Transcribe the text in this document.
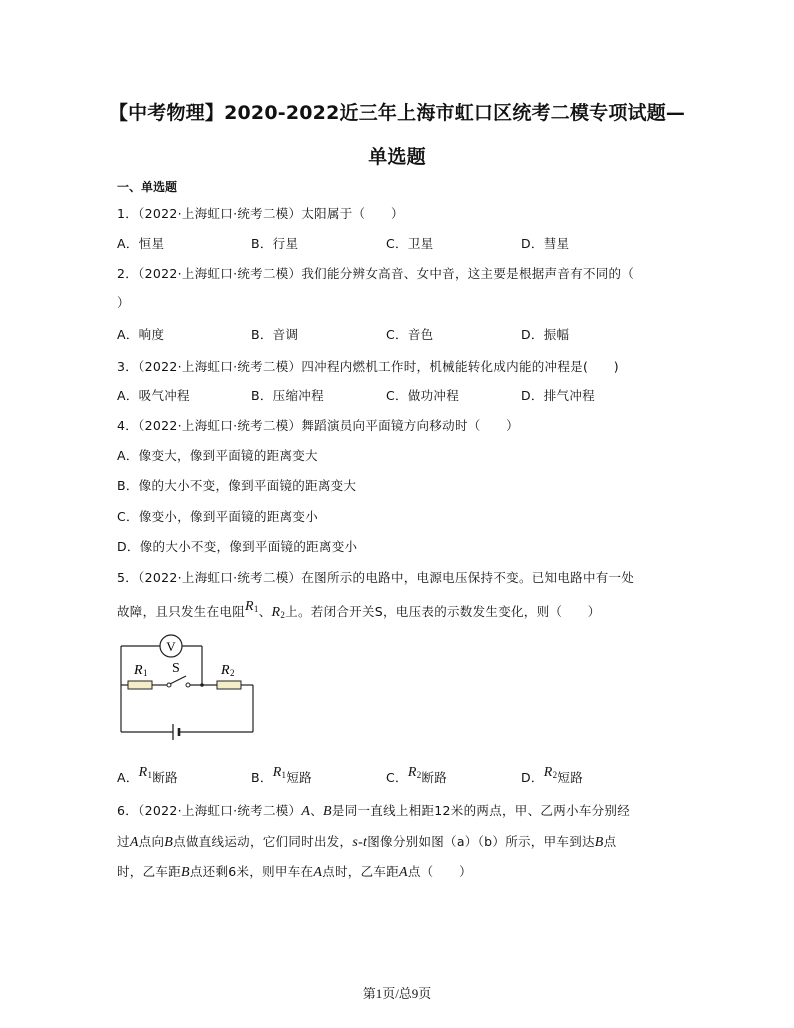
【中考物理】2020-2022近三年上海市虹口区统考二模专项试题—
单选题
一、单选题
1．（2022·上海虹口·统考二模）太阳属于（　　）
A．恒星	B．行星	C．卫星	D．彗星
2．（2022·上海虹口·统考二模）我们能分辨女高音、女中音，这主要是根据声音有不同的（
）
A．响度	B．音调	C．音色	D．振幅
3．（2022·上海虹口·统考二模）四冲程内燃机工作时，机械能转化成内能的冲程是(　　)
A．吸气冲程	B．压缩冲程	C．做功冲程	D．排气冲程
4．（2022·上海虹口·统考二模）舞蹈演员向平面镜方向移动时（　　）
A．像变大，像到平面镜的距离变大
B．像的大小不变，像到平面镜的距离变大
C．像变小，像到平面镜的距离变小
D．像的大小不变，像到平面镜的距离变小
5．（2022·上海虹口·统考二模）在图所示的电路中，电源电压保持不变。已知电路中有一处
故障，且只发生在电阻$R_1$、$R_2$上。若闭合开关S，电压表的示数发生变化，则（　　）
V
R 1 S	R 2
A．$R_1$断路	B．$R_1$短路	C．$R_2$断路	D．$R_2$短路
6．（2022·上海虹口·统考二模）A、B是同一直线上相距12米的两点，甲、乙两小车分别经
过A点向B点做直线运动，它们同时出发，s-t图像分别如图（a）（b）所示，甲车到达B点
时，乙车距B点还剩6米，则甲车在A点时，乙车距A点（　　）
第1页/总9页
